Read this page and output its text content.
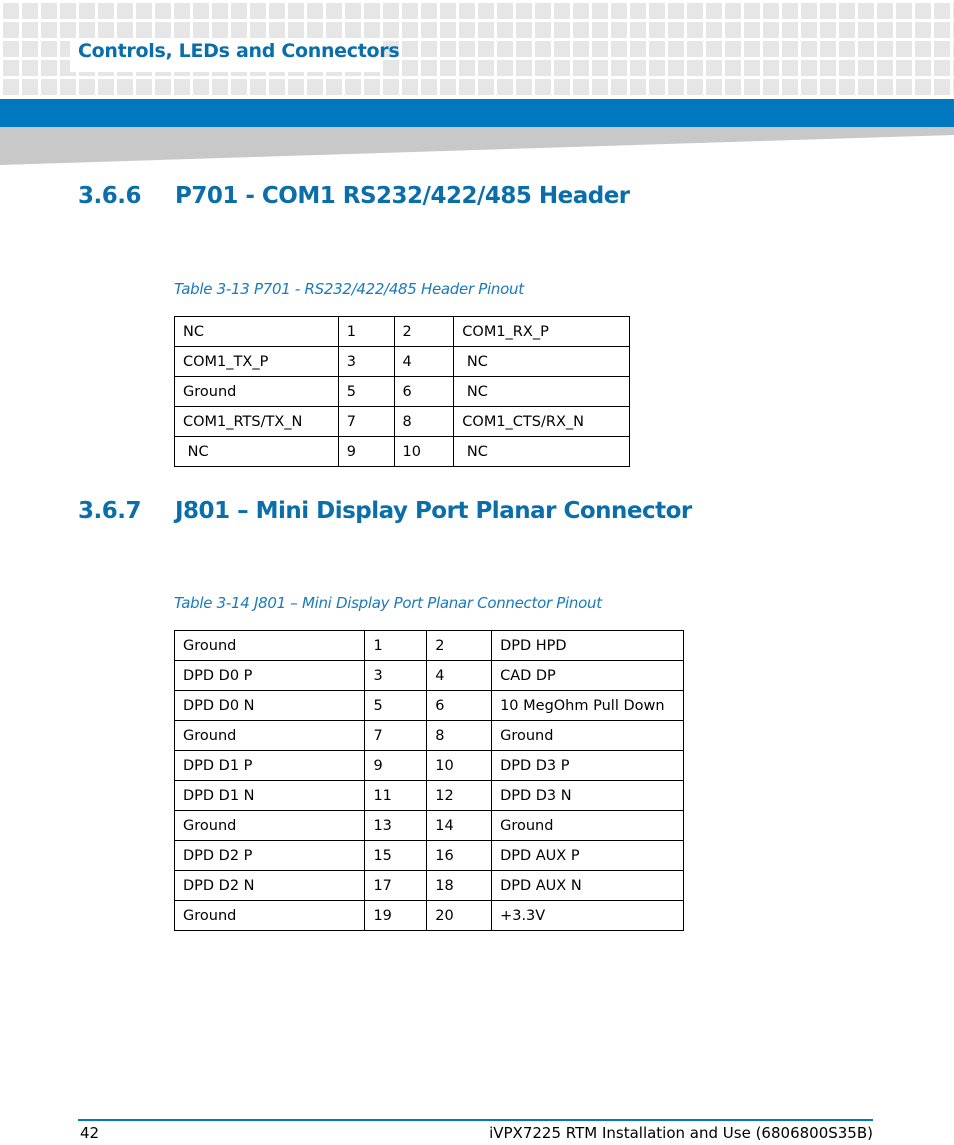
Controls, LEDs and Connectors
3.6.6 P701 - COM1 RS232/422/485 Header
Table 3-13 P701 - RS232/422/485 Header Pinout
NC	1	2	COM1_RX_P
COM1_TX_P	3	4	NC
Ground	5	6	NC
COM1_RTS/TX_N	7	8	COM1_CTS/RX_N
NC	9	10	NC
3.6.7 J801 – Mini Display Port Planar Connector
Table 3-14 J801 – Mini Display Port Planar Connector Pinout
Ground	1	2	DPD HPD
DPD D0 P	3	4	CAD DP
DPD D0 N	5	6	10 MegOhm Pull Down
Ground	7	8	Ground
DPD D1 P	9	10	DPD D3 P
DPD D1 N	11	12	DPD D3 N
Ground	13	14	Ground
DPD D2 P	15	16	DPD AUX P
DPD D2 N	17	18	DPD AUX N
Ground	19	20	+3.3V
42	iVPX7225 RTM Installation and Use (6806800S35B)
